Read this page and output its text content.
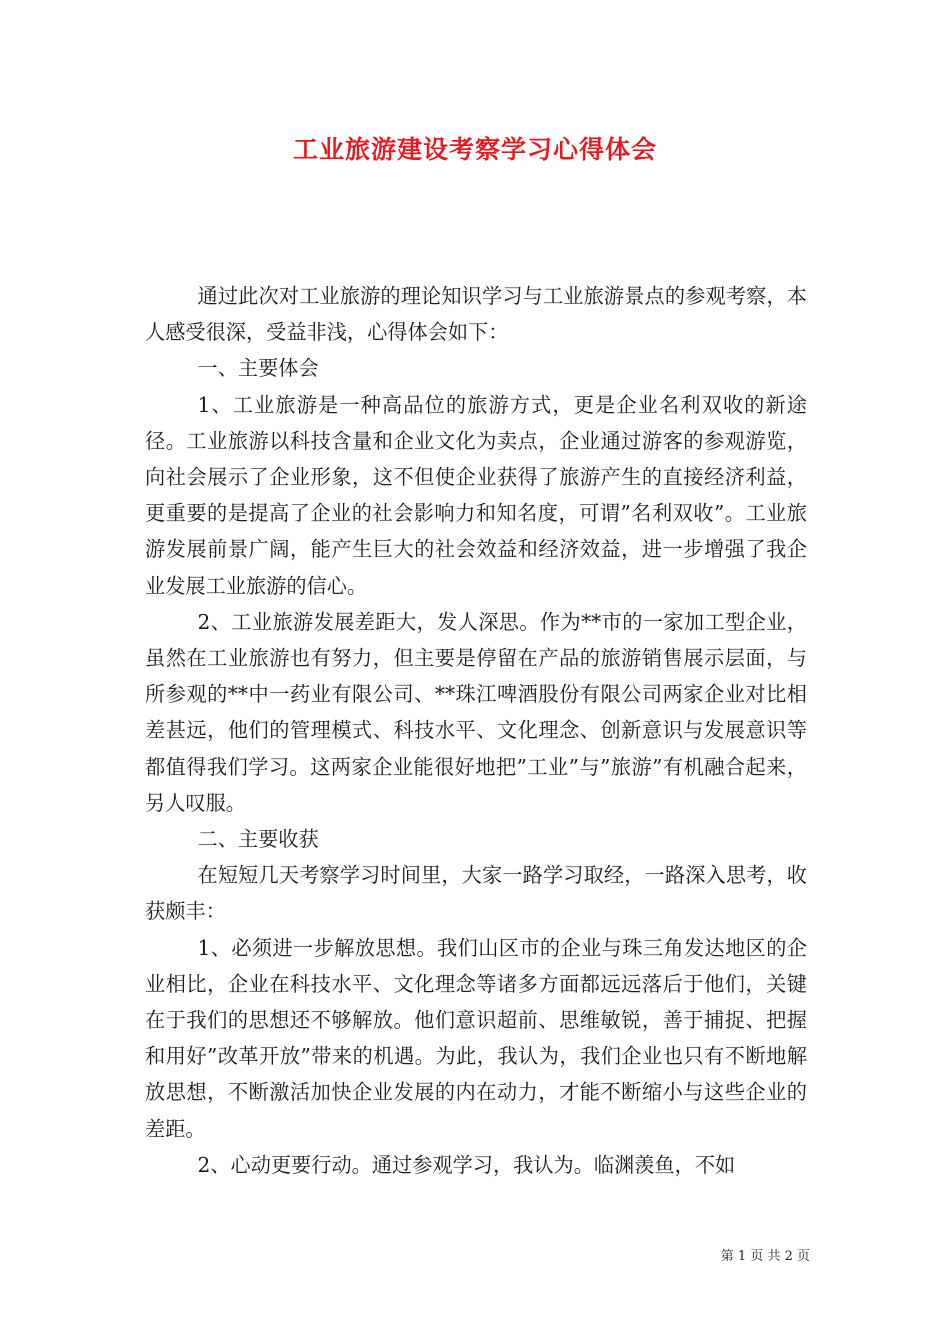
工业旅游建设考察学习心得体会

通过此次对工业旅游的理论知识学习与工业旅游景点的参观考察，本人感受很深，受益非浅，心得体会如下：

一、主要体会

1、工业旅游是一种高品位的旅游方式，更是企业名利双收的新途径。工业旅游以科技含量和企业文化为卖点，企业通过游客的参观游览，向社会展示了企业形象，这不但使企业获得了旅游产生的直接经济利益，更重要的是提高了企业的社会影响力和知名度，可谓”名利双收”。工业旅游发展前景广阔，能产生巨大的社会效益和经济效益，进一步增强了我企业发展工业旅游的信心。

2、工业旅游发展差距大，发人深思。作为**市的一家加工型企业，虽然在工业旅游也有努力，但主要是停留在产品的旅游销售展示层面，与所参观的**中一药业有限公司、**珠江啤酒股份有限公司两家企业对比相差甚远，他们的管理模式、科技水平、文化理念、创新意识与发展意识等都值得我们学习。这两家企业能很好地把”工业”与”旅游”有机融合起来，另人叹服。

二、主要收获

在短短几天考察学习时间里，大家一路学习取经，一路深入思考，收获颇丰：

1、必须进一步解放思想。我们山区市的企业与珠三角发达地区的企业相比，企业在科技水平、文化理念等诸多方面都远远落后于他们，关键在于我们的思想还不够解放。他们意识超前、思维敏锐，善于捕捉、把握和用好”改革开放”带来的机遇。为此，我认为，我们企业也只有不断地解放思想，不断激活加快企业发展的内在动力，才能不断缩小与这些企业的差距。

2、心动更要行动。通过参观学习，我认为。临渊羡鱼，不如

第 1 页 共 2 页
